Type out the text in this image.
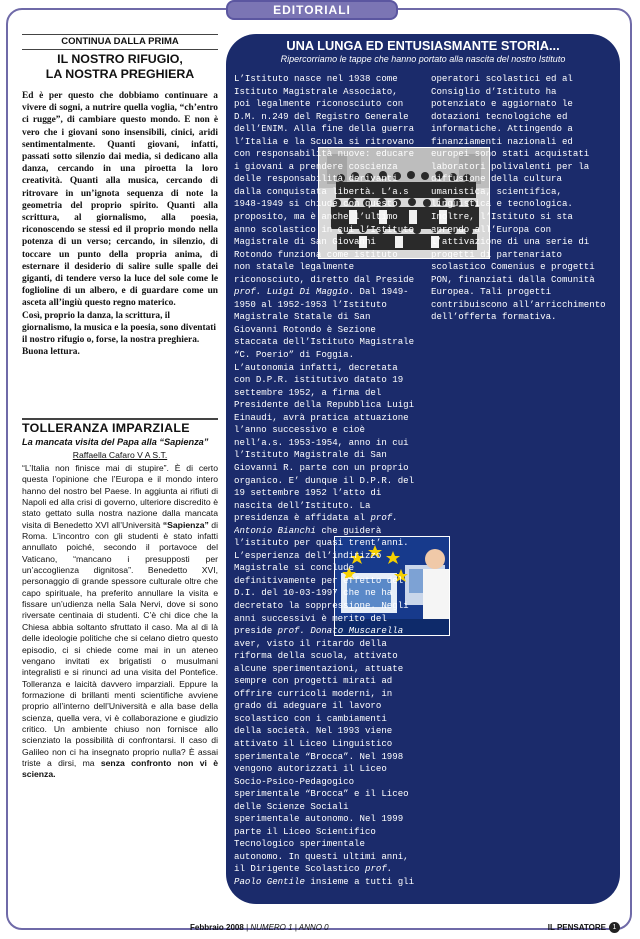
EDITORIALI
CONTINUA DALLA PRIMA
IL NOSTRO RIFUGIO,
LA NOSTRA PREGHIERA

Ed è per questo che dobbiamo continuare a vivere di sogni, a nutrire quella voglia, “ch’entro ci rugge”, di cambiare questo mondo. E non è vero che i giovani sono insensibili, cinici, aridi sentimentalmente. Quanti giovani, infatti, passati sotto silenzio dai media, si dedicano alla danza, cercando in una piroetta la loro creatività. Quanti alla musica, cercando di ritrovare in un’ignota sequenza di note la geometria del proprio spirito. Quanti alla scrittura, al giornalismo, alla poesia, riconoscendo se stessi ed il proprio mondo nella potenza di un verso; cercando, in silenzio, di toccare un punto della propria anima, di esternare il desiderio di salire sulle spalle dei giganti, di tendere verso la luce del sole come le foglioline di un albero, e di guardare come un asceta all’ingiù questo regno materico.

Così, proprio la danza, la scrittura, il giornalismo, la musica e la poesia, sono diventati il nostro rifugio o, forse, la nostra preghiera. Buona lettura.

TOLLERANZA IMPARZIALE
La mancata visita del Papa alla “Sapienza”
Raffaella Cafaro V A S.T.

“L’Italia non finisce mai di stupire”. È di certo questa l’opinione che l’Europa e il mondo intero hanno del nostro bel Paese. In aggiunta ai rifiuti di Napoli ed alla crisi di governo, ulteriore discredito è stato gettato sulla nostra nazione dalla mancata visita di Benedetto XVI all’Università “Sapienza” di Roma. L’incontro con gli studenti è stato infatti annullato poiché, secondo il portavoce del Vaticano, “mancano i presupposti per un’accoglienza dignitosa”. Benedetto XVI, personaggio di grande spessore culturale oltre che capo spirituale, ha preferito annullare la visita e fissare un’udienza nella Sala Nervi, dove si sono riversate centinaia di studenti. C’è chi dice che la Chiesa abbia soltanto sfruttato il caso. Ma al di là delle ideologie politiche che si celano dietro questo episodio, ci si chiede come mai in un ateneo vengano invitati ex brigatisti o musulmani integralisti e si rinunci ad una visita del Pontefice. Tolleranza e laicità davvero imparziali. Eppure la formazione di brillanti menti scientifiche avviene proprio all’interno dell’Università e alla base della scienza, quella vera, vi è collaborazione e giudizio critico. Un ambiente chiuso non fornisce allo scienziato la possibilità di confrontarsi. Il caso di Galileo non ci ha insegnato proprio nulla? È assai triste a dirsi, ma senza confronto non vi è scienza.

UNA LUNGA ED ENTUSIASMANTE STORIA...
Ripercorriamo le tappe che hanno portato alla nascita del nostro Istituto

L’Istituto nasce nel 1938 come Istituto Magistrale Associato, poi legalmente riconosciuto con D.M. n.249 del Registro Generale dell’ENIM. Alla fine della guerra l’Italia e la Scuola si ritrovano con responsabilità nuove: educare i giovani a prendere coscienza delle responsabilità derivanti dalla conquistata libertà. L’a.s 1948-1949 si chiude con questo proposito, ma è anche l’ultimo anno scolastico in cui l’Istituto Magistrale di San Giovanni Rotondo funziona come istituto non statale legalmente riconosciuto, diretto dal Preside prof. Luigi Di Maggio. Dal 1949-1950 al 1952-1953 l’Istituto Magistrale Statale di San Giovanni Rotondo è Sezione staccata dell’Istituto Magistrale “C. Poerio” di Foggia. L’autonomia infatti, decretata con D.P.R. istitutivo datato 19 settembre 1952, a firma del Presidente della Repubblica Luigi Einaudi, avrà pratica attuazione l’anno successivo e cioè nell’a.s. 1953-1954, anno in cui l’Istituto Magistrale di San Giovanni R. parte con un proprio organico. E’ dunque il D.P.R. del 19 settembre 1952 l’atto di nascita dell’Istituto. La presidenza è affidata al prof. Antonio Bianchi che guiderà l’istituto per quasi trent’anni. L’esperienza dell’indirizzo Magistrale si conclude definitivamente per effetto del D.I. del 10-03-1997 che ne ha decretato la soppressione. Negli anni successivi è merito del preside prof. Donato Muscarella aver, visto il ritardo della riforma della scuola, attivato alcune sperimentazioni, attuate sempre con progetti mirati ad offrire curricoli moderni, in grado di adeguare il lavoro scolastico con i cambiamenti della società. Nel 1993 viene attivato il Liceo Linguistico sperimentale “Brocca”. Nel 1998 vengono autorizzati il Liceo Socio-Psico-Pedagogico sperimentale “Brocca” e il Liceo delle Scienze Sociali sperimentale autonomo. Nel 1999 parte il Liceo Scientifico Tecnologico sperimentale autonomo. In questi ultimi anni, il Dirigente Scolastico prof. Paolo Gentile insieme a tutti gli operatori scolastici ed al Consiglio d’Istituto ha potenziato e aggiornato le dotazioni tecnologiche ed informatiche. Attingendo a finanziamenti nazionali ed europei sono stati acquistati laboratori polivalenti per la diffusione della cultura umanistica, scientifica, linguistica e tecnologica. Inoltre, l’Istituto si sta aprendo all’Europa con l’attivazione di una serie di progetti di partenariato scolastico Comenius e progetti PON, finanziati dalla Comunità Europea. Tali progetti contribuiscono all’arricchimento dell’offerta formativa.

Febbraio 2008 | NUMERO 1 | ANNO 0	IL PENSATORE 1
